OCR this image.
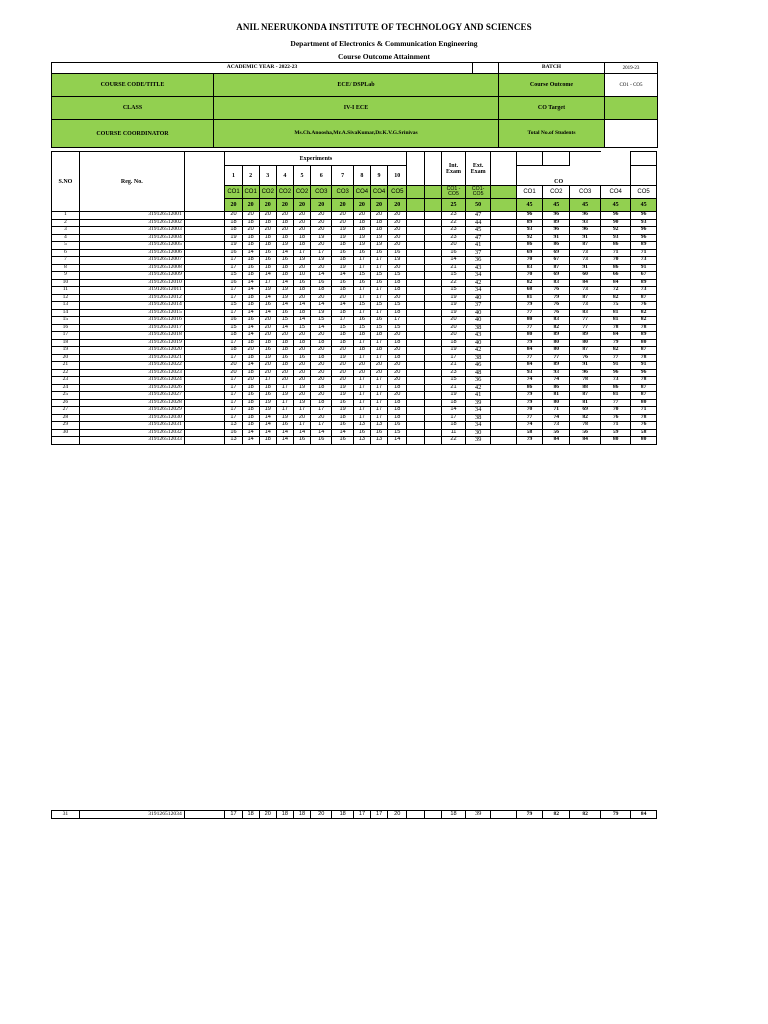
ANIL NEERUKONDA INSTITUTE OF TECHNOLOGY AND SCIENCES
Department of Electronics & Communication Engineering
Course Outcome Attainment
ACADEMIC YEAR - 2022-23			BATCH	2019-23
COURSE CODE/TITLE	ECE/ DSPLab		Course Outcome	CO1 - CO5
CLASS	IV-I ECE		CO Target	
COURSE COORDINATOR	Ms.Ch.Anoosha,Mr.A.SivaKumar,Dr.K.V.G.Srinivas		Total No.of Students	
S.NO	Reg. No.		Experiments												Int. Exam	Ext. Exam						
			1	2	3	4	5	6	7	8	9	10						CO				
			CO1	CO1	CO2	CO2	CO2	CO3	CO3	CO4	CO4	CO5			CO1 - CO5	CO1- CO5		CO1	CO2	CO3	CO4	CO5
			20	20	20	20	20	20	20	20	20	20			25	50		45	45	45	45	45
1	319126512001		20	20	20	20	20	20	20	20	20	20			23	47		96	96	96	96	96
2	319126512002		18	18	18	18	20	20	20	18	18	20			22	44		89	89	93	90	93
3	319126512003		18	20	20	20	20	20	19	18	18	20			23	45		93	96	96	92	96
4	319126512004		19	18	18	18	18	19	19	19	19	20			23	47		92	91	91	93	96
5	319126512005		19	18	18	19	18	20	18	19	19	20			20	41		86	86	87	86	89
6	319126512006		16	14	16	14	17	17	16	16	16	16			16	37		69	69	73	71	71
7	319126512007		17	18	16	16	19	19	18	17	17	19			14	36		70	67	73	70	73
8	319126512008		17	16	18	18	20	20	19	17	17	20			21	43		83	87	91	86	91
9	319126512009		15	18	14	18	10	14	14	15	15	15			15	34		70	69	60	66	67
10	319126512010		16	14	17	14	16	16	16	16	16	18			22	42		82	83	84	84	89
11	319126512011		17	14	19	19	18	18	18	17	17	18			15	34		68	76	73	72	73
12	319126512012		17	18	14	19	20	20	20	17	17	20			19	40		81	79	87	82	87
13	319126512014		15	18	16	14	14	14	14	15	15	15			19	37		79	76	73	75	76
14	319126512015		17	14	14	16	18	19	18	17	17	18			19	40		77	76	83	81	82
15	319126512016		16	16	20	15	14	15	17	16	16	17			20	40		80	83	77	81	82
16	319126512017		15	14	20	14	15	14	15	15	15	15			20	38		77	82	77	78	78
17	319126512018		18	14	20	20	20	20	18	18	18	20			20	43		80	89	89	84	89
18	319126512019		17	18	18	18	18	18	18	17	17	18			18	40		79	80	80	79	80
19	319126512020		18	20	16	18	20	20	20	18	18	20			19	42		84	80	87	82	87
20	319126512021		17	18	19	16	16	18	19	17	17	18			17	38		77	77	76	77	78
21	319126512022		20	14	20	18	20	20	20	20	20	20			21	46		84	89	91	91	91
22	319126512023		20	18	20	20	20	20	20	20	20	20			23	48		93	93	96	96	96
23	319126512024		17	20	17	20	20	20	20	17	17	20			15	36		74	74	78	73	78
24	319126512026		17	18	18	17	19	18	19	17	17	18			21	42		86	86	88	86	87
25	319126512027		17	16	16	19	20	20	19	17	17	20			19	41		79	81	87	81	87
26	319126512028		17	18	19	17	19	18	16	17	17	18			18	39		79	80	81	77	80
27	319126512029		17	18	19	17	17	17	19	17	17	18			14	34		70	71	69	70	71
28	319126512030		17	18	14	19	20	20	18	17	17	18			17	38		77	74	82	76	78
29	319126512031		13	18	14	16	17	17	16	13	13	16			18	34		74	73	78	71	76
30	319126512032		16	14	14	14	14	14	14	16	16	15			11	30		58	56	56	59	58
	319126512033		13	14	18	14	16	16	16	13	13	14			22	39		79	84	84	80	80
31	319126512034		17	18	20	18	18	20	18	17	17	20			18	39		79	82	82	79	84
